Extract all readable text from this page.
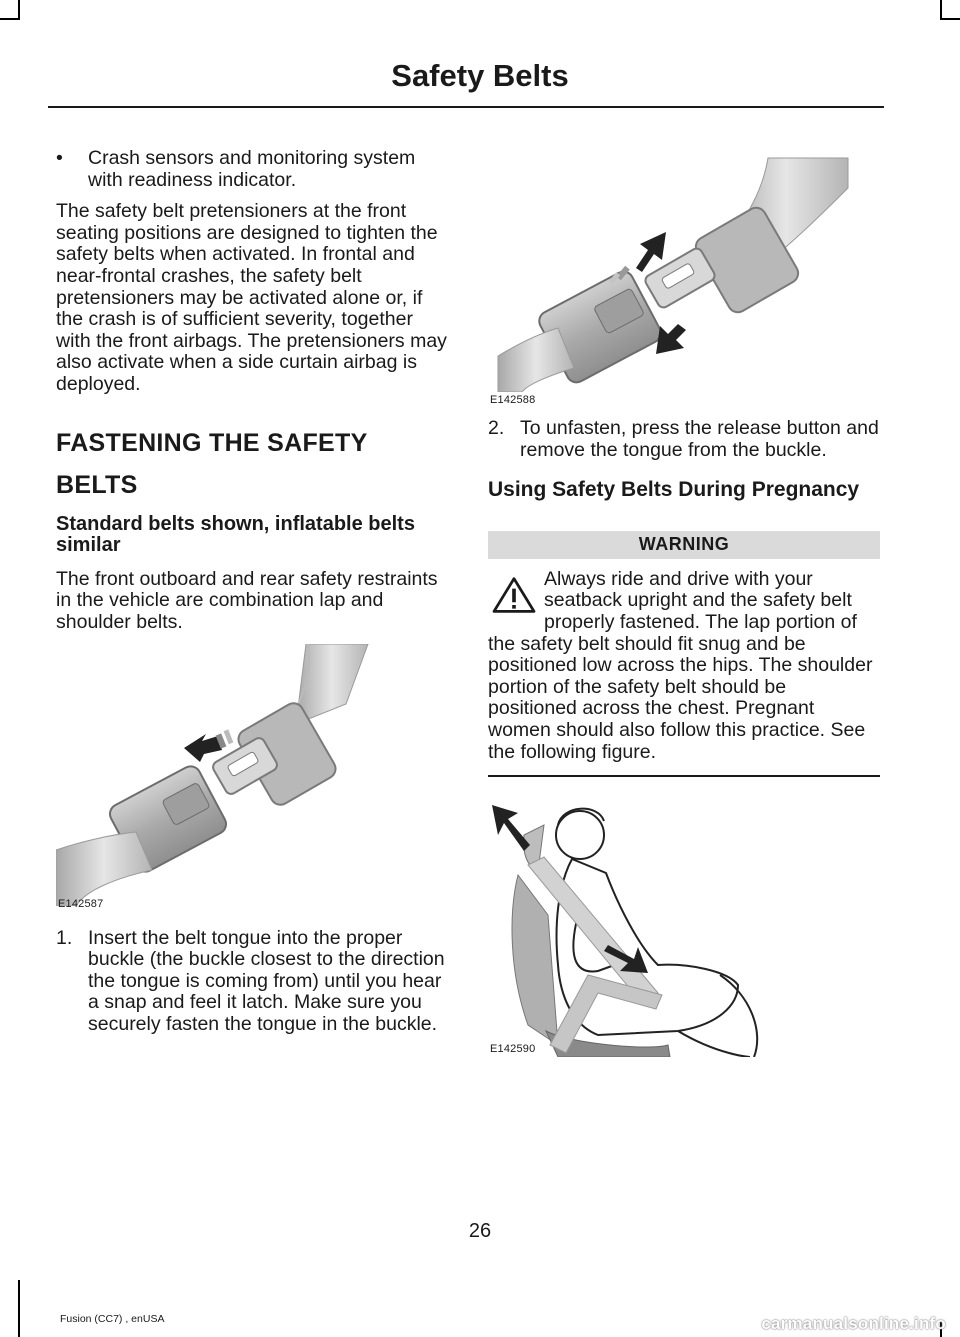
Safety Belts
•	Crash sensors and monitoring system with readiness indicator.

The safety belt pretensioners at the front seating positions are designed to tighten the safety belts when activated. In frontal and near-frontal crashes, the safety belt pretensioners may be activated alone or, if the crash is of sufficient severity, together with the front airbags. The pretensioners may also activate when a side curtain airbag is deployed.

FASTENING THE SAFETY
BELTS
Standard belts shown, inflatable belts similar

The front outboard and rear safety restraints in the vehicle are combination lap and shoulder belts.

E142587
1. Insert the belt tongue into the proper buckle (the buckle closest to the direction the tongue is coming from) until you hear a snap and feel it latch. Make sure you securely fasten the tongue in the buckle.
E142588
2. To unfasten, press the release button and remove the tongue from the buckle.
Using Safety Belts During Pregnancy
WARNING
Always ride and drive with your seatback upright and the safety belt properly fastened. The lap portion of the safety belt should fit snug and be positioned low across the hips. The shoulder portion of the safety belt should be positioned across the chest. Pregnant women should also follow this practice. See the following figure.
E142590
26
Fusion (CC7) , enUSA	carmanualsonline.info
